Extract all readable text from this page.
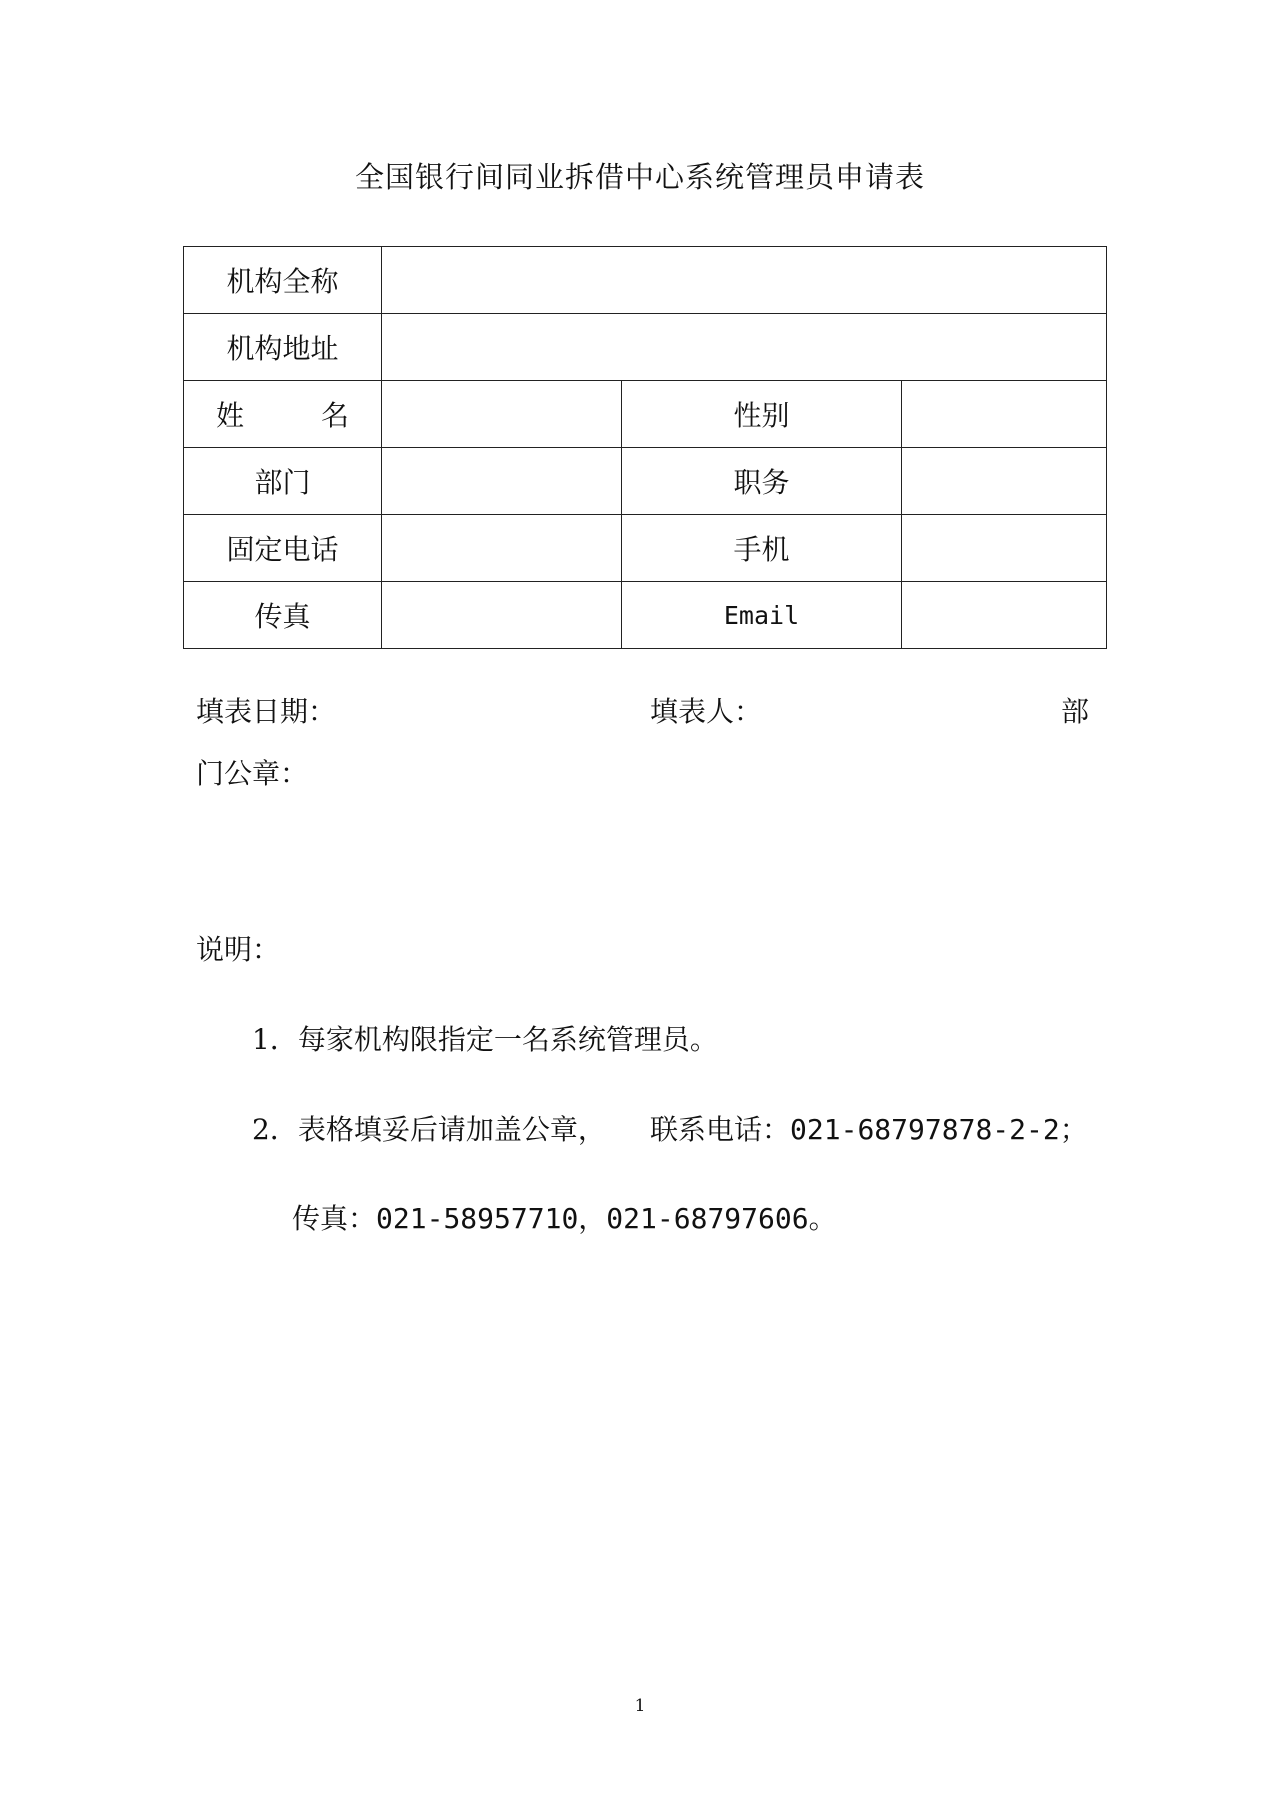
全国银行间同业拆借中心系统管理员申请表
机构全称			
机构地址			

姓 名		性别	
部门		职务	
固定电话		手机	
传真		Email	
填表日期：	填表人：	部
门公章：
说明：
1．每家机构限指定一名系统管理员。
2．表格填妥后请加盖公章， 联系电话：021-68797878-2-2；
传真：021-58957710，021-68797606。
1
